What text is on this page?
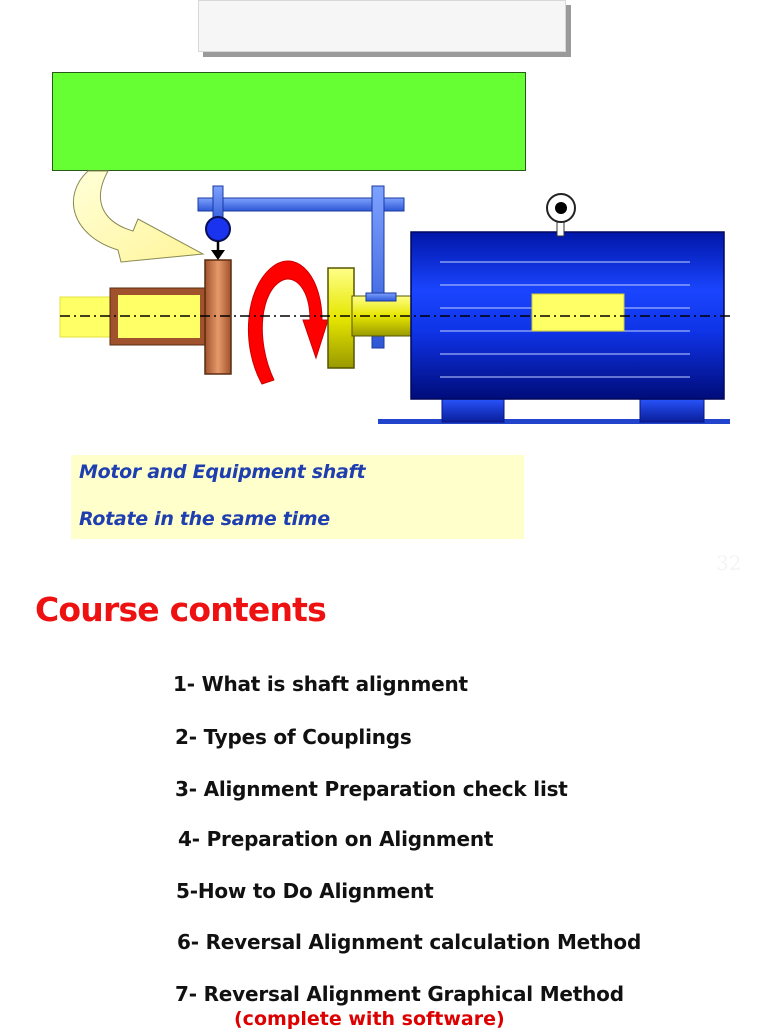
Motor and Equipment shaft
Rotate in the same time
32
Course contents
1- What is shaft alignment
2- Types of Couplings
3- Alignment Preparation check list
4- Preparation on Alignment
5-How to Do Alignment
6- Reversal Alignment calculation Method
7- Reversal Alignment Graphical Method
(complete with software)
